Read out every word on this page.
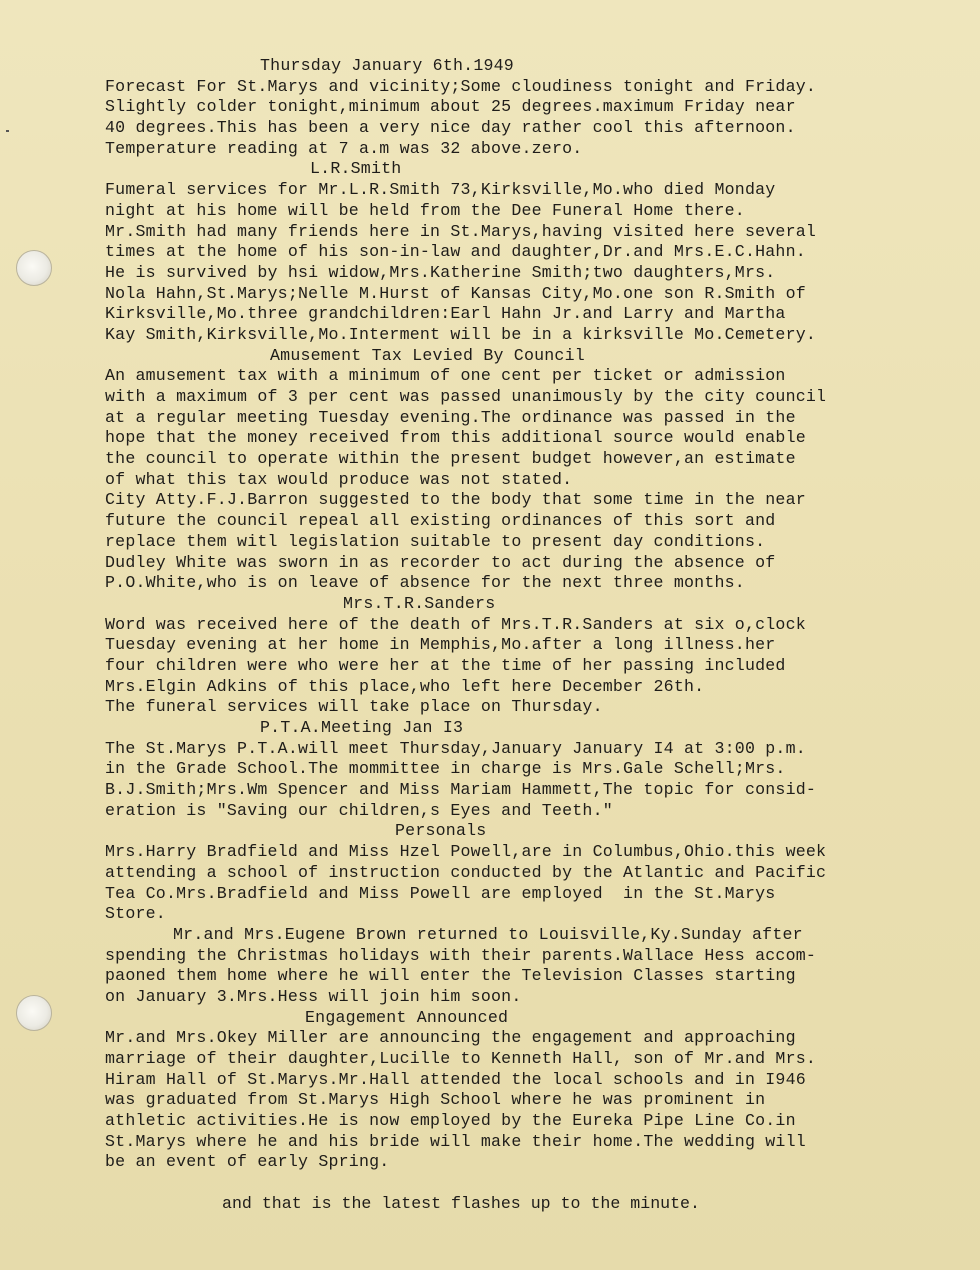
Thursday January 6th.1949
Forecast For St.Marys and vicinity;Some cloudiness tonight and Friday.
Slightly colder tonight,minimum about 25 degrees.maximum Friday near
40 degrees.This has been a very nice day rather cool this afternoon.
Temperature reading at 7 a.m was 32 above.zero.
L.R.Smith
Fumeral services for Mr.L.R.Smith 73,Kirksville,Mo.who died Monday
night at his home will be held from the Dee Funeral Home there.
Mr.Smith had many friends here in St.Marys,having visited here several
times at the home of his son-in-law and daughter,Dr.and Mrs.E.C.Hahn.
He is survived by hsi widow,Mrs.Katherine Smith;two daughters,Mrs.
Nola Hahn,St.Marys;Nelle M.Hurst of Kansas City,Mo.one son R.Smith of
Kirksville,Mo.three grandchildren:Earl Hahn Jr.and Larry and Martha
Kay Smith,Kirksville,Mo.Interment will be in a kirksville Mo.Cemetery.
Amusement Tax Levied By Council
An amusement tax with a minimum of one cent per ticket or admission
with a maximum of 3 per cent was passed unanimously by the city council
at a regular meeting Tuesday evening.The ordinance was passed in the
hope that the money received from this additional source would enable
the council to operate within the present budget however,an estimate
of what this tax would produce was not stated.
City Atty.F.J.Barron suggested to the body that some time in the near
future the council repeal all existing ordinances of this sort and
replace them witl legislation suitable to present day conditions.
Dudley White was sworn in as recorder to act during the absence of
P.O.White,who is on leave of absence for the next three months.
Mrs.T.R.Sanders
Word was received here of the death of Mrs.T.R.Sanders at six o,clock
Tuesday evening at her home in Memphis,Mo.after a long illness.her
four children were who were her at the time of her passing included
Mrs.Elgin Adkins of this place,who left here December 26th.
The funeral services will take place on Thursday.
P.T.A.Meeting Jan I3
The St.Marys P.T.A.will meet Thursday,January January I4 at 3:00 p.m.
in the Grade School.The mommittee in charge is Mrs.Gale Schell;Mrs.
B.J.Smith;Mrs.Wm Spencer and Miss Mariam Hammett,The topic for consid-
eration is "Saving our children,s Eyes and Teeth."
Personals
Mrs.Harry Bradfield and Miss Hzel Powell,are in Columbus,Ohio.this week
attending a school of instruction conducted by the Atlantic and Pacific
Tea Co.Mrs.Bradfield and Miss Powell are employed  in the St.Marys
Store.
Mr.and Mrs.Eugene Brown returned to Louisville,Ky.Sunday after
spending the Christmas holidays with their parents.Wallace Hess accom-
paoned them home where he will enter the Television Classes starting
on January 3.Mrs.Hess will join him soon.
Engagement Announced
Mr.and Mrs.Okey Miller are announcing the engagement and approaching
marriage of their daughter,Lucille to Kenneth Hall, son of Mr.and Mrs.
Hiram Hall of St.Marys.Mr.Hall attended the local schools and in I946
was graduated from St.Marys High School where he was prominent in
athletic activities.He is now employed by the Eureka Pipe Line Co.in
St.Marys where he and his bride will make their home.The wedding will
be an event of early Spring.
and that is the latest flashes up to the minute.
